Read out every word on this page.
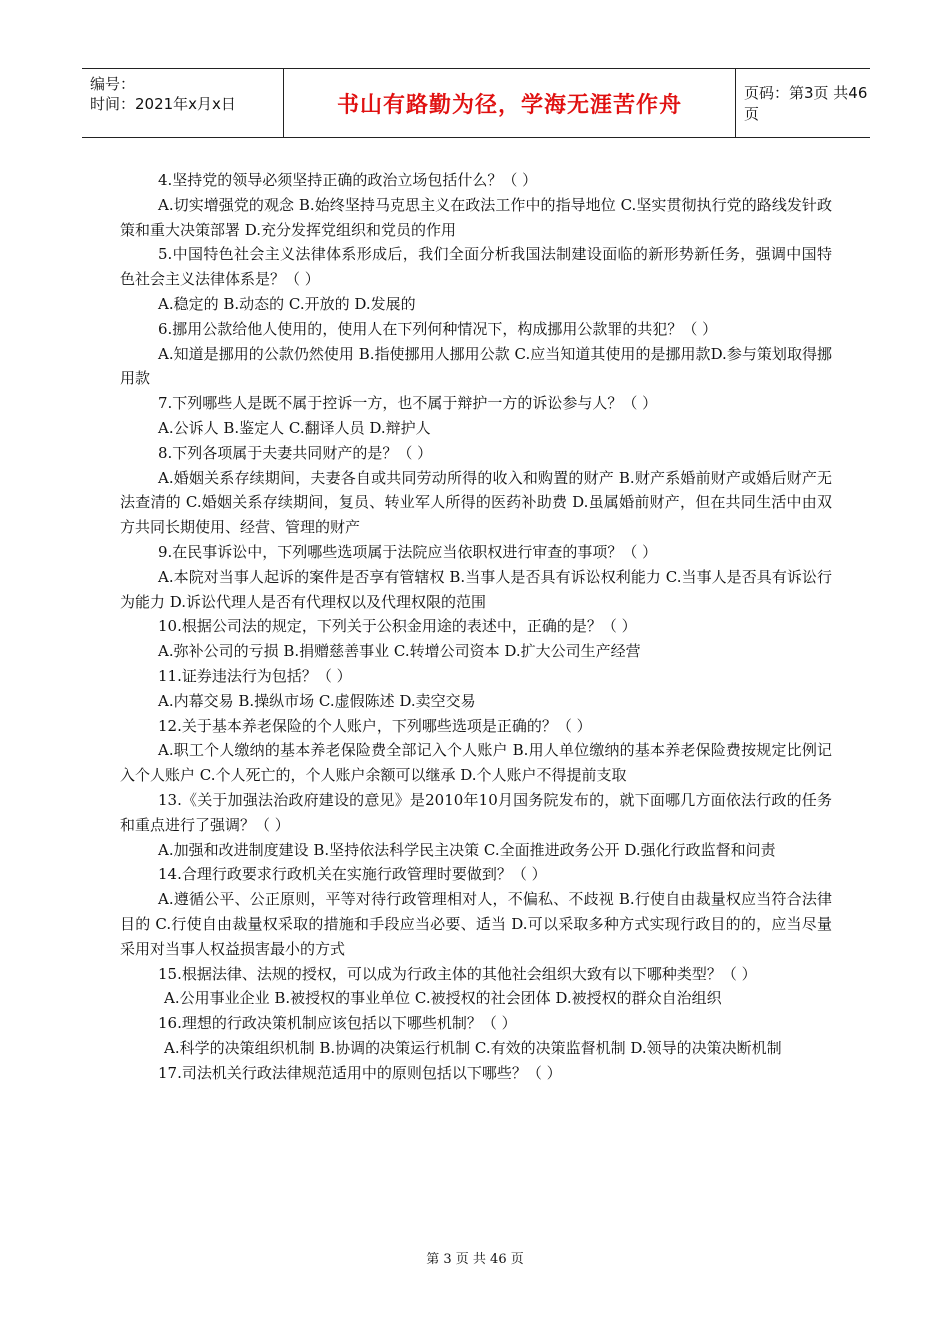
编号：
时间：2021年x月x日	书山有路勤为径，学海无涯苦作舟	页码：第3页 共46页

4.坚持党的领导必须坚持正确的政治立场包括什么？（ ）

A.切实增强党的观念 B.始终坚持马克思主义在政法工作中的指导地位 C.坚实贯彻执行党的路线发针政策和重大决策部署 D.充分发挥党组织和党员的作用

5.中国特色社会主义法律体系形成后，我们全面分析我国法制建设面临的新形势新任务，强调中国特色社会主义法律体系是？（ ）

A.稳定的 B.动态的 C.开放的 D.发展的

6.挪用公款给他人使用的，使用人在下列何种情况下，构成挪用公款罪的共犯？（ ）

A.知道是挪用的公款仍然使用 B.指使挪用人挪用公款 C.应当知道其使用的是挪用款D.参与策划取得挪用款

7.下列哪些人是既不属于控诉一方，也不属于辩护一方的诉讼参与人？（ ）

A.公诉人 B.鉴定人 C.翻译人员 D.辩护人

8.下列各项属于夫妻共同财产的是？（ ）

A.婚姻关系存续期间，夫妻各自或共同劳动所得的收入和购置的财产 B.财产系婚前财产或婚后财产无法查清的 C.婚姻关系存续期间，复员、转业军人所得的医药补助费 D.虽属婚前财产，但在共同生活中由双方共同长期使用、经营、管理的财产

9.在民事诉讼中，下列哪些选项属于法院应当依职权进行审查的事项？（ ）

A.本院对当事人起诉的案件是否享有管辖权 B.当事人是否具有诉讼权利能力 C.当事人是否具有诉讼行为能力 D.诉讼代理人是否有代理权以及代理权限的范围

10.根据公司法的规定，下列关于公积金用途的表述中，正确的是？（ ）

A.弥补公司的亏损 B.捐赠慈善事业 C.转增公司资本 D.扩大公司生产经营

11.证券违法行为包括？（ ）

A.内幕交易 B.操纵市场 C.虚假陈述 D.卖空交易

12.关于基本养老保险的个人账户，下列哪些选项是正确的？（ ）

A.职工个人缴纳的基本养老保险费全部记入个人账户 B.用人单位缴纳的基本养老保险费按规定比例记入个人账户 C.个人死亡的，个人账户余额可以继承 D.个人账户不得提前支取

13.《关于加强法治政府建设的意见》是2010年10月国务院发布的，就下面哪几方面依法行政的任务和重点进行了强调？（ ）

A.加强和改进制度建设 B.坚持依法科学民主决策 C.全面推进政务公开 D.强化行政监督和问责

14.合理行政要求行政机关在实施行政管理时要做到？（ ）

A.遵循公平、公正原则，平等对待行政管理相对人，不偏私、不歧视 B.行使自由裁量权应当符合法律目的 C.行使自由裁量权采取的措施和手段应当必要、适当 D.可以采取多种方式实现行政目的的，应当尽量采用对当事人权益损害最小的方式

15.根据法律、法规的授权，可以成为行政主体的其他社会组织大致有以下哪种类型？（ ）

A.公用事业企业 B.被授权的事业单位 C.被授权的社会团体 D.被授权的群众自治组织

16.理想的行政决策机制应该包括以下哪些机制？（ ）

A.科学的决策组织机制 B.协调的决策运行机制 C.有效的决策监督机制 D.领导的决策决断机制

17.司法机关行政法律规范适用中的原则包括以下哪些？（ ）

第 3 页 共 46 页
